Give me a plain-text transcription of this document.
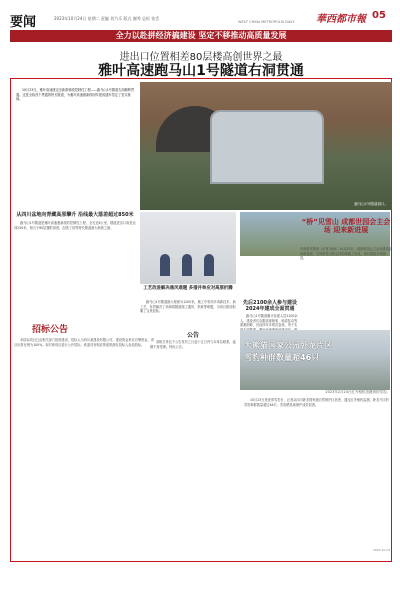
要闻	2023年10月24日 星期二 责编 刘乃乐 版式 谢秀 总检 张丢
WEST CHINA METROPOLIS DAILY 華西都市報 05
全力以赴拼经济搞建设 坚定不移推动高质量发展
进出口位置相差80层楼高创世界之最
雅叶高速跑马山1号隧道右洞贯通
跑马山1号隧道洞口。

10月23日，雅叶高速康定至新都桥段控制性工程——跑马山1号隧道右洞顺利贯通。这是全线首个贯通的特长隧道，为雅叶高速康新段明年建成通车奠定了坚实基础。

从四川盆地向青藏高原攀升 沿线最大落差超过850米

跑马山1号隧道是雅叶高速康新段的控制性工程，全长近6公里，隧道进出口高差达到250米，相当于80层楼的高度，创造了世界特长隧道最大纵坡之最。

工艺改进解决通风难题 多措并举应对高原折腾

跑马山1号隧道最大埋深为1200米，施工中采用多项新技术、新工艺，有效解决了高海拔隧道施工通风、供氧等难题，为项目建设积累了宝贵经验。

“桥”见雪山 成都世园会主会场 迎来新进展
华西都市报讯（记者 杨尚）10月23日，成都世园会主会场建设迎来新进展，主场馆雪山桥主体结构施工完成，项目将按计划推进。
先后2100余人参与建设 2024年建成全面贯通

跑马山1号隧道累计参建人员2100余人，建设者们克服高寒缺氧、地质复杂等重重困难，历经四年多艰苦奋战，终于实

招标公告

本招标项目已由相关部门批准建设，招标人为四川某建设有限公司，建设资金来自自筹资金，项目出资比例为100%。现对该项目进行公开招标，欢迎具有相应资质的潜在投标人参加投标。

公告

请相关单位于公告发布之日起十五日内与本单位联系，逾期不再受理。特此公告。	大熊猫国家公园卧龙片区
雪豹种群数量超46只
2023年2月24日红外相机拍摄到的雪豹。

10月23日是世界雪豹日，记者从四川卧龙国家级自然保护区获悉，通过红外相机监测，卧龙片区的雪豹种群数量超过46只，雪豹栖息地保护成效显著。

2023.10.24
